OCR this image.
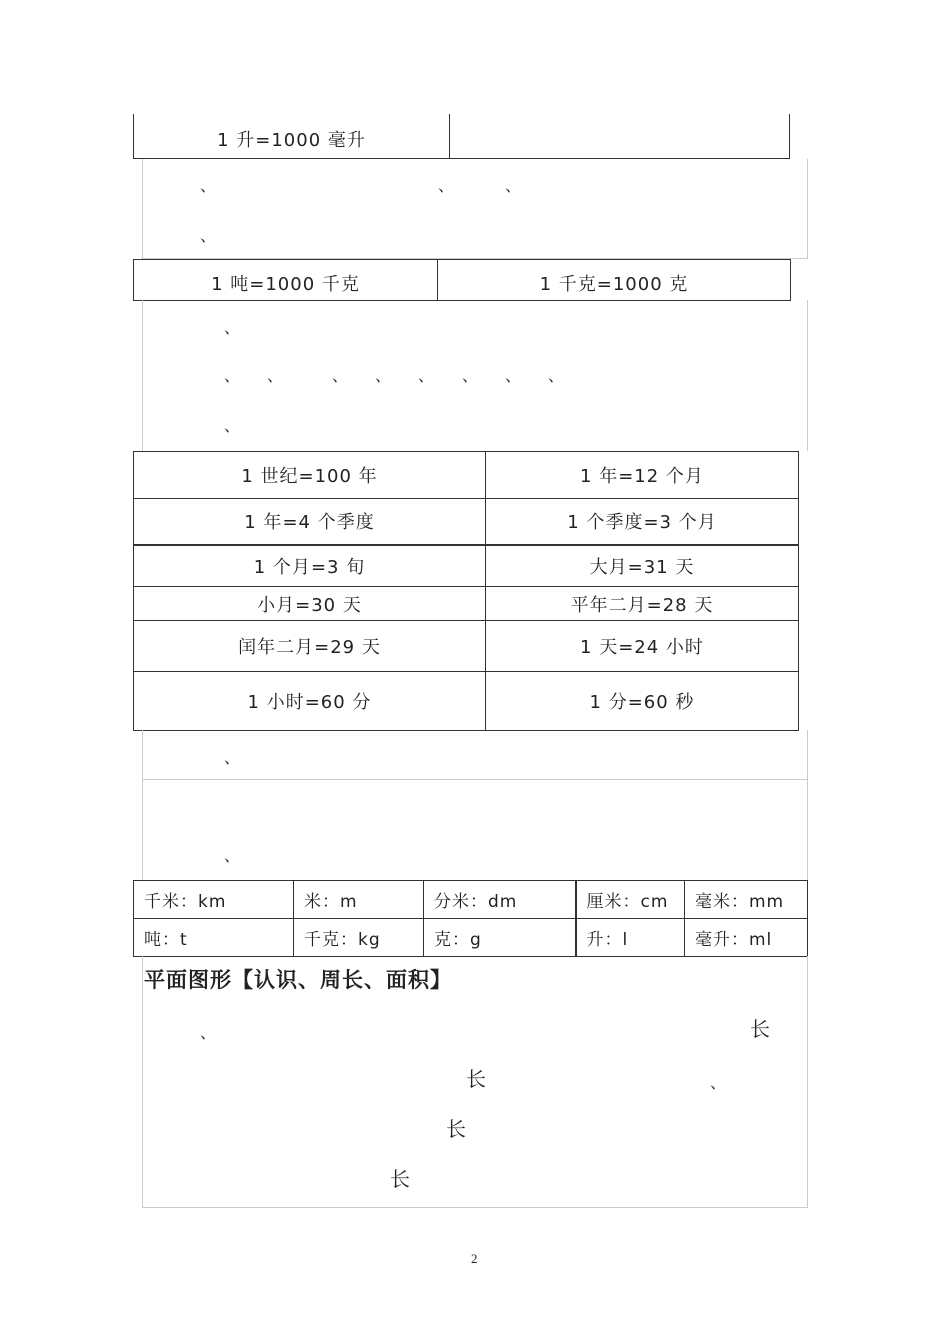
1 升=1000 毫升
、	、	、
、
1 吨=1000 千克	1 千克=1000 克
、
、 、	、 、 、 、 、 、
、
1 世纪=100 年	1 年=12 个月
1 年=4 个季度	1 个季度=3 个月
1 个月=3 旬	大月=31 天
小月=30 天	平年二月=28 天
闰年二月=29 天	1 天=24 小时
1 小时=60 分	1 分=60 秒
、
、
千米：km	米：m	分米：dm	厘米：cm	毫米：mm
吨：t	千克：kg	克：g	升：l	毫升：ml
平面图形【认识、周长、面积】
、	长
长	、
长
长
2
